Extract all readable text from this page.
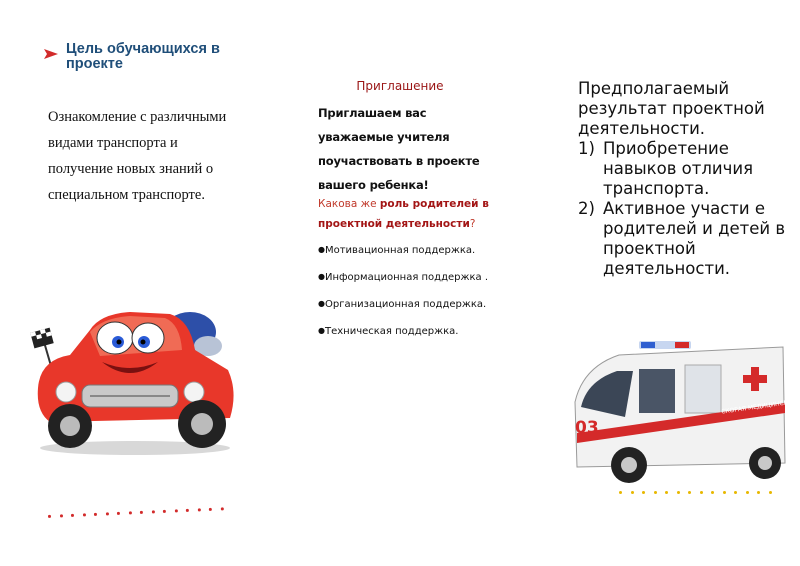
Цель обучающихся в проекте
Ознакомление с различными видами транспорта и получение новых знаний о специальном транспорте.
Приглашение
Приглашаем вас уважаемые учителя поучаствовать в проекте вашего ребенка!
Какова же роль родителей в проектной деятельности?
●Мотивационная поддержка.
●Информационная поддержка .
●Организационная поддержка.
●Техническая поддержка.
Предполагаемый результат проектной деятельности.
1) Приобретение навыков отличия транспорта.
2) Активное участи е родителей и детей в проектной деятельности.
СКОРАЯ МЕДИЦИНСКАЯ
03
